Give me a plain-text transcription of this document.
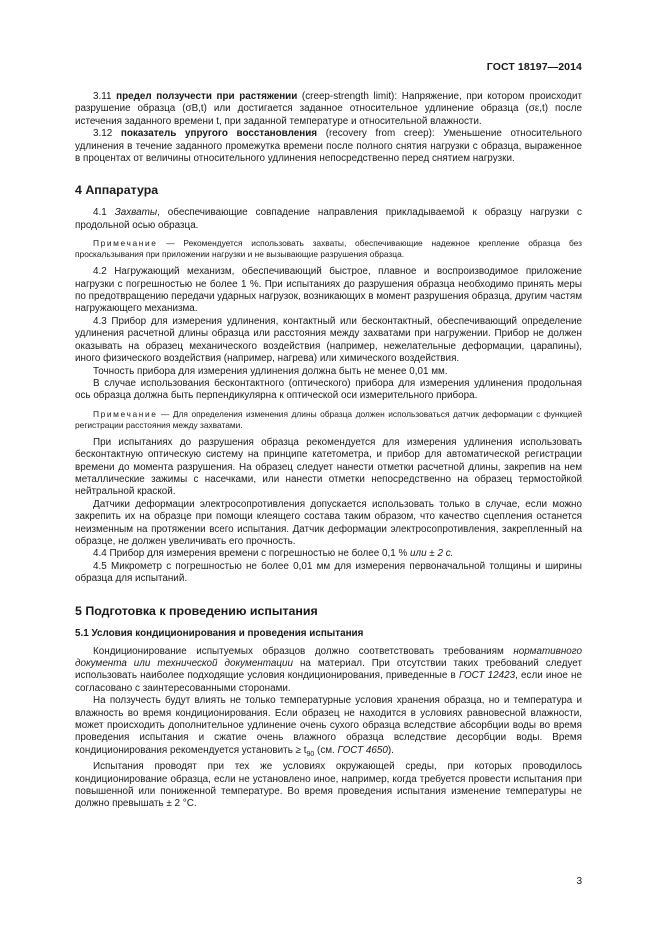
ГОСТ 18197—2014

3.11 предел ползучести при растяжении (creep-strength limit): Напряжение, при котором происходит разрушение образца (σB,t) или достигается заданное относительное удлинение образца (σε,t) после истечения заданного времени t, при заданной температуре и относительной влажности.

3.12 показатель упругого восстановления (recovery from creep): Уменьшение относительного удлинения в течение заданного промежутка времени после полного снятия нагрузки с образца, выраженное в процентах от величины относительного удлинения непосредственно перед снятием нагрузки.

4 Аппаратура

4.1 Захваты, обеспечивающие совпадение направления прикладываемой к образцу нагрузки с продольной осью образца.

Примечание — Рекомендуется использовать захваты, обеспечивающие надежное крепление образца без проскальзывания при приложении нагрузки и не вызывающие разрушения образца.

4.2 Нагружающий механизм, обеспечивающий быстрое, плавное и воспроизводимое приложение нагрузки с погрешностью не более 1 %. При испытаниях до разрушения образца необходимо принять меры по предотвращению передачи ударных нагрузок, возникающих в момент разрушения образца, другим частям нагружающего механизма.

4.3 Прибор для измерения удлинения, контактный или бесконтактный, обеспечивающий определение удлинения расчетной длины образца или расстояния между захватами при нагружении. Прибор не должен оказывать на образец механического воздействия (например, нежелательные деформации, царапины), иного физического воздействия (например, нагрева) или химического воздействия.

Точность прибора для измерения удлинения должна быть не менее 0,01 мм.

В случае использования бесконтактного (оптического) прибора для измерения удлинения продольная ось образца должна быть перпендикулярна к оптической оси измерительного прибора.

Примечание — Для определения изменения длины образца должен использоваться датчик деформации с функцией регистрации расстояния между захватами.

При испытаниях до разрушения образца рекомендуется для измерения удлинения использовать бесконтактную оптическую систему на принципе катетометра, и прибор для автоматической регистрации времени до момента разрушения. На образец следует нанести отметки расчетной длины, закрепив на нем металлические зажимы с насечками, или нанести отметки непосредственно на образец термостойкой нейтральной краской.

Датчики деформации электросопротивления допускается использовать только в случае, если можно закрепить их на образце при помощи клеящего состава таким образом, что качество сцепления останется неизменным на протяжении всего испытания. Датчик деформации электросопротивления, закрепленный на образце, не должен увеличивать его прочность.

4.4 Прибор для измерения времени с погрешностью не более 0,1 % или ± 2 с.

4.5 Микрометр с погрешностью не более 0,01 мм для измерения первоначальной толщины и ширины образца для испытаний.

5 Подготовка к проведению испытания
5.1 Условия кондиционирования и проведения испытания

Кондиционирование испытуемых образцов должно соответствовать требованиям нормативного документа или технической документации на материал. При отсутствии таких требований следует использовать наиболее подходящие условия кондиционирования, приведенные в ГОСТ 12423, если иное не согласовано с заинтересованными сторонами.

На ползучесть будут влиять не только температурные условия хранения образца, но и температура и влажность во время кондиционирования. Если образец не находится в условиях равновесной влажности, может происходить дополнительное удлинение очень сухого образца вследствие абсорбции воды во время проведения испытания и сжатие очень влажного образца вследствие десорбции воды. Время кондиционирования рекомендуется установить ≥ $t_{90}$ (см. ГОСТ 4650).

Испытания проводят при тех же условиях окружающей среды, при которых проводилось кондиционирование образца, если не установлено иное, например, когда требуется провести испытания при повышенной или пониженной температуре. Во время проведения испытания изменение температуры не должно превышать ± 2 °С.

3
